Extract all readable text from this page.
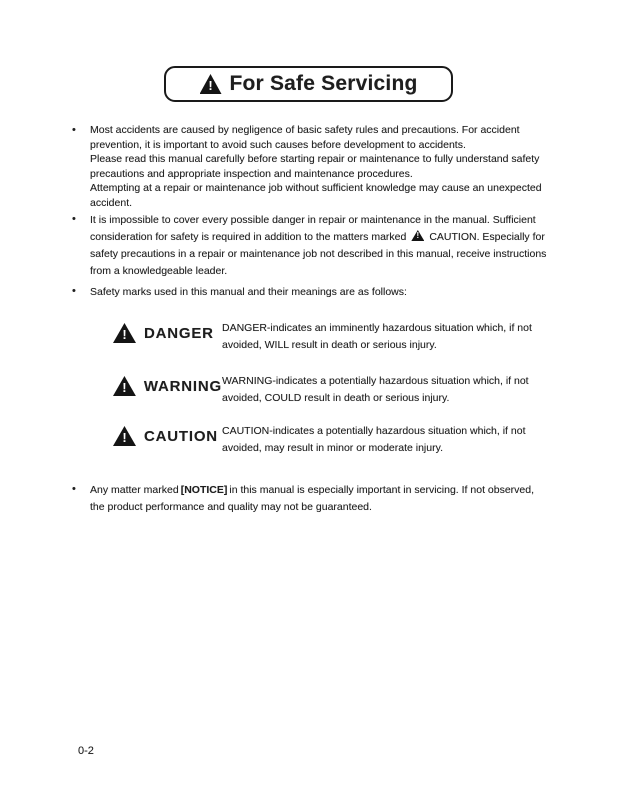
!
For Safe Servicing
•	Most accidents are caused by negligence of basic safety rules and precautions. For accident
prevention, it is important to avoid such causes before development to accidents.
Please read this manual carefully before starting repair or maintenance to fully understand safety
precautions and appropriate inspection and maintenance procedures.
Attempting at a repair or maintenance job without sufficient knowledge may cause an unexpected
accident.
•	It is impossible to cover every possible danger in repair or maintenance in the manual. Sufficient
consideration for safety is required in addition to the matters marked ! CAUTION. Especially for
safety precautions in a repair or maintenance job not described in this manual, receive instructions
from a knowledgeable leader.
•	Safety marks used in this manual and their meanings are as follows:
!
DANGER DANGER-indicates an imminently hazardous situation which, if not
avoided, WILL result in death or serious injury.
!
WARNING WARNING-indicates a potentially hazardous situation which, if not
avoided, COULD result in death or serious injury.
!
CAUTION CAUTION-indicates a potentially hazardous situation which, if not
avoided, may result in minor or moderate injury.
•	Any matter marked [NOTICE] in this manual is especially important in servicing. If not observed,
the product performance and quality may not be guaranteed.
0-2
